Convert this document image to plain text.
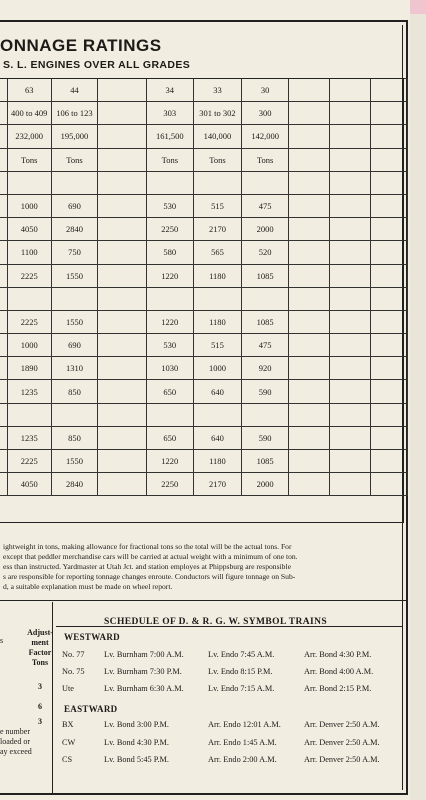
ONNAGE RATINGS
S. L. ENGINES OVER ALL GRADES
	63	44		34	33	30			
	400 to 409	106 to 123		303	301 to 302	300			
	232,000	195,000		161,500	140,000	142,000			
	Tons	Tons		Tons	Tons	Tons			

	1000	690		530	515	475			
	4050	2840		2250	2170	2000			
	1100	750		580	565	520			
	2225	1550		1220	1180	1085			

	2225	1550		1220	1180	1085			
	1000	690		530	515	475			
	1890	1310		1030	1000	920			
	1235	850		650	640	590			

	1235	850		650	640	590			
	2225	1550		1220	1180	1085			
	4050	2840		2250	2170	2000			
ightweight in tons, making allowance for fractional tons so the total will be the actual tons. For
except that peddler merchandise cars will be carried at actual weight with a minimum of one ton.
ess than instructed. Yardmaster at Utah Jct. and station employes at Phippsburg are responsible
s are responsible for reporting tonnage changes enroute. Conductors will figure tonnage on Sub-
d, a suitable explanation must be made on wheel report.
s
Adjust-
ment
Factor
Tons
3
6
3
e number
loaded or
ay exceed
SCHEDULE OF D. & R. G. W. SYMBOL TRAINS
WESTWARD
No. 77 Lv. Burnham 7:00 A.M.	Lv. Endo 7:45 A.M.	Arr. Bond 4:30 P.M.
No. 75 Lv. Burnham 7:30 P.M.	Lv. Endo 8:15 P.M.	Arr. Bond 4:00 A.M.
Ute	Lv. Burnham 6:30 A.M.	Lv. Endo 7:15 A.M.	Arr. Bond 2:15 P.M.
EASTWARD
BX	Lv. Bond 3:00 P.M.	Arr. Endo 12:01 A.M.	Arr. Denver 2:50 A.M.
CW	Lv. Bond 4:30 P.M.	Arr. Endo 1:45 A.M.	Arr. Denver 2:50 A.M.
CS	Lv. Bond 5:45 P.M.	Arr. Endo 2:00 A.M.	Arr. Denver 2:50 A.M.
